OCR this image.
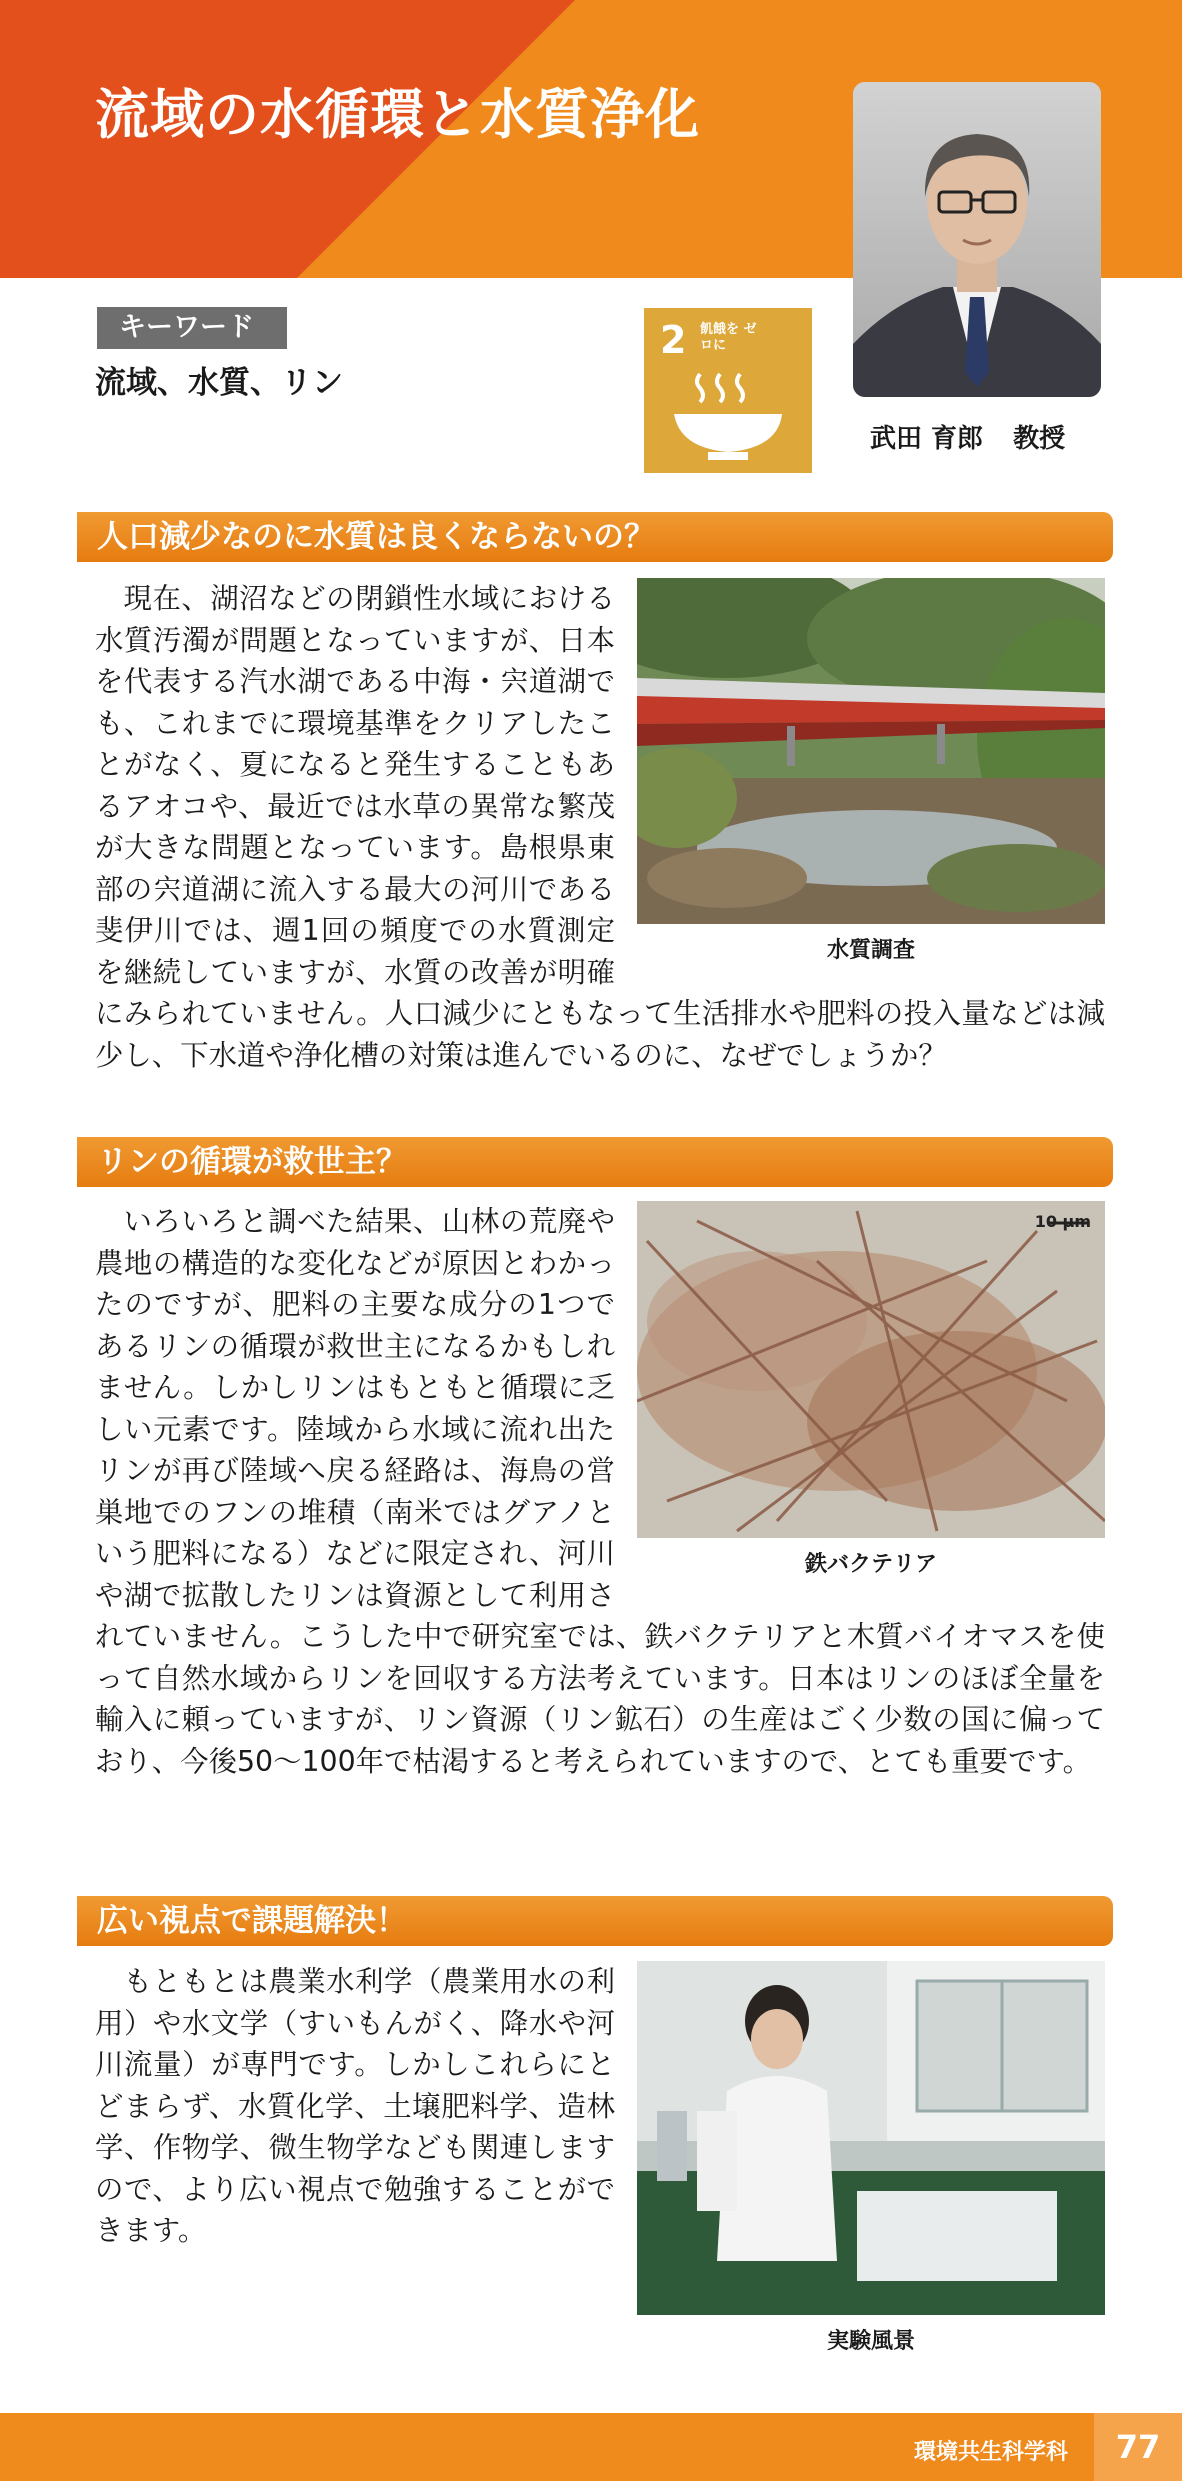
流域の水循環と水質浄化
武田 育郎 教授
キーワード
流域、水質、リン
2 飢餓を ゼロに
人口減少なのに水質は良くならないの？
水質調査
現在、湖沼などの閉鎖性水域における水質汚濁が問題となっていますが、日本を代表する汽水湖である中海・宍道湖でも、これまでに環境基準をクリアしたことがなく、夏になると発生することもあるアオコや、最近では水草の異常な繁茂が大きな問題となっています。島根県東部の宍道湖に流入する最大の河川である斐伊川では、週1回の頻度での水質測定を継続していますが、水質の改善が明確にみられていません。人口減少にともなって生活排水や肥料の投入量などは減少し、下水道や浄化槽の対策は進んでいるのに、なぜでしょうか？
リンの循環が救世主？
10 μm
鉄バクテリア
いろいろと調べた結果、山林の荒廃や農地の構造的な変化などが原因とわかったのですが、肥料の主要な成分の1つであるリンの循環が救世主になるかもしれません。しかしリンはもともと循環に乏しい元素です。陸域から水域に流れ出たリンが再び陸域へ戻る経路は、海鳥の営巣地でのフンの堆積（南米ではグアノという肥料になる）などに限定され、河川や湖で拡散したリンは資源として利用されていません。こうした中で研究室では、鉄バクテリアと木質バイオマスを使って自然水域からリンを回収する方法考えています。日本はリンのほぼ全量を輸入に頼っていますが、リン資源（リン鉱石）の生産はごく少数の国に偏っており、今後50～100年で枯渇すると考えられていますので、とても重要です。
広い視点で課題解決！
実験風景
もともとは農業水利学（農業用水の利用）や水文学（すいもんがく、降水や河川流量）が専門です。しかしこれらにとどまらず、水質化学、土壌肥料学、造林学、作物学、微生物学なども関連しますので、より広い視点で勉強することができます。
環境共生科学科	77
